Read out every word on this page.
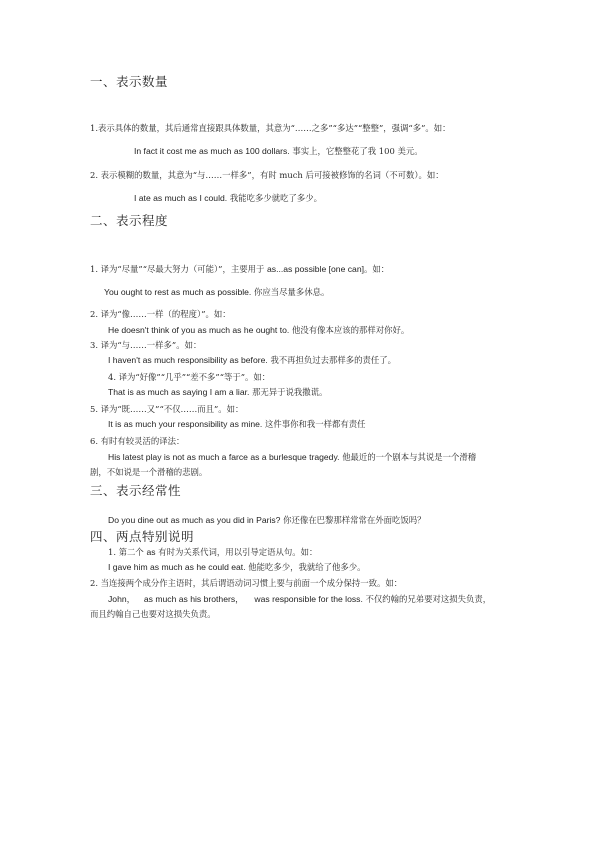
一、表示数量
1.表示具体的数量，其后通常直接跟具体数量，其意为“……之多”“多达”“整整”，强调“多”。如：
In fact it cost me as much as 100 dollars. 事实上，它整整花了我 100 美元。
2. 表示模糊的数量，其意为“与……一样多”，有时 much 后可接被修饰的名词（不可数）。如：
I ate as much as I could. 我能吃多少就吃了多少。
二、表示程度
1. 译为“尽量”“尽最大努力（可能）”，主要用于 as...as possible [one can]。如：
You ought to rest as much as possible. 你应当尽量多休息。
2. 译为“像……一样（的程度）”。如：
He doesn't think of you as much as he ought to. 他没有像本应该的那样对你好。
3. 译为“与……一样多”。如：
I haven't as much responsibility as before. 我不再担负过去那样多的责任了。
4. 译为“好像”“几乎”“差不多”“等于”。如：
That is as much as saying I am a liar. 那无异于说我撒谎。
5. 译为“既……又”“不仅……而且”。如：
It is as much your responsibility as mine. 这件事你和我一样都有责任
6. 有时有较灵活的译法：
His latest play is not as much a farce as a burlesque tragedy. 他最近的一个剧本与其说是一个滑稽
剧，不如说是一个滑稽的悲剧。
三、表示经常性
Do you dine out as much as you did in Paris? 你还像在巴黎那样常常在外面吃饭吗？
四、两点特别说明
1. 第二个 as 有时为关系代词，用以引导定语从句。如：
I gave him as much as he could eat. 他能吃多少，我就给了他多少。
2. 当连接两个成分作主语时，其后谓语动词习惯上要与前面一个成分保持一致。如：
John， as much as his brothers， was responsible for the loss. 不仅约翰的兄弟要对这损失负责，
而且约翰自己也要对这损失负责。
